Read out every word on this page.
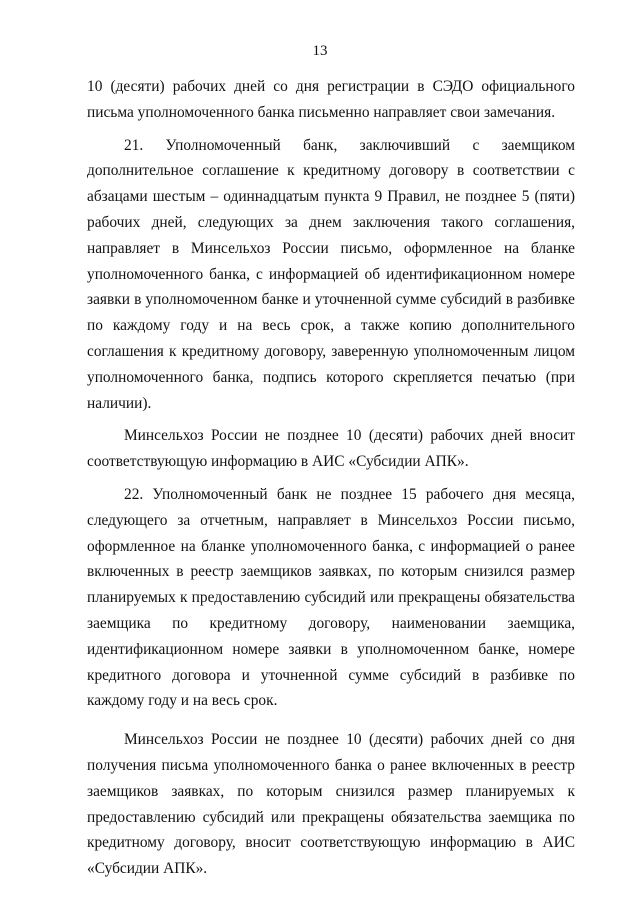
13

10 (десяти) рабочих дней со дня регистрации в СЭДО официального письма уполномоченного банка письменно направляет свои замечания.

21. Уполномоченный банк, заключивший с заемщиком дополнительное соглашение к кредитному договору в соответствии с абзацами шестым – одиннадцатым пункта 9 Правил, не позднее 5 (пяти) рабочих дней, следующих за днем заключения такого соглашения, направляет в Минсельхоз России письмо, оформленное на бланке уполномоченного банка, с информацией об идентификационном номере заявки в уполномоченном банке и уточненной сумме субсидий в разбивке по каждому году и на весь срок, а также копию дополнительного соглашения к кредитному договору, заверенную уполномоченным лицом уполномоченного банка, подпись которого скрепляется печатью (при наличии).

Минсельхоз России не позднее 10 (десяти) рабочих дней вносит соответствующую информацию в АИС «Субсидии АПК».

22. Уполномоченный банк не позднее 15 рабочего дня месяца, следующего за отчетным, направляет в Минсельхоз России письмо, оформленное на бланке уполномоченного банка, с информацией о ранее включенных в реестр заемщиков заявках, по которым снизился размер планируемых к предоставлению субсидий или прекращены обязательства заемщика по кредитному договору, наименовании заемщика, идентификационном номере заявки в уполномоченном банке, номере кредитного договора и уточненной сумме субсидий в разбивке по каждому году и на весь срок.

Минсельхоз России не позднее 10 (десяти) рабочих дней со дня получения письма уполномоченного банка о ранее включенных в реестр заемщиков заявках, по которым снизился размер планируемых к предоставлению субсидий или прекращены обязательства заемщика по кредитному договору, вносит соответствующую информацию в АИС «Субсидии АПК».
